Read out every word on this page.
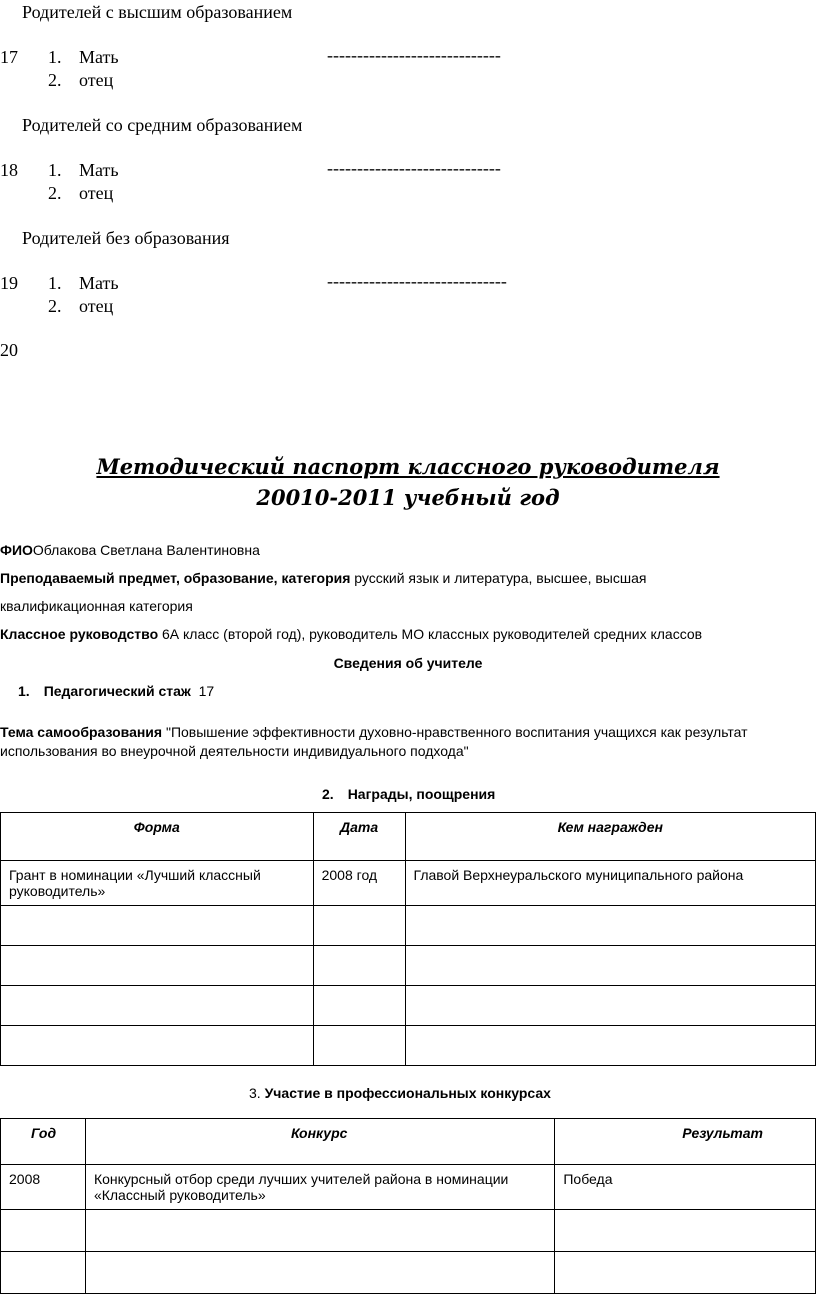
Родителей с высшим образованием
17 1. Мать	-----------------------------
2. отец
Родителей со средним образованием
18 1. Мать	-----------------------------
2. отец
Родителей без образования
19 1. Мать	------------------------------
2. отец
20
Методический паспорт классного руководителя
20010-2011 учебный год
ФИООблакова Светлана Валентиновна
Преподаваемый предмет, образование, категория русский язык и литература, высшее, высшая
квалификационная категория
Классное руководство 6А класс (второй год), руководитель МО классных руководителей средних классов
Сведения об учителе
1. Педагогический стаж 17
Тема самообразования "Повышение эффективности духовно-нравственного воспитания учащихся как результат
использования во внеурочной деятельности индивидуального подхода"
2. Награды, поощрения
Форма	Дата	Кем награжден
Грант в номинации «Лучший классный руководитель»	2008 год	Главой Верхнеуральского муниципального района

3. Участие в профессиональных конкурсах
Год	Конкурс	Результат
2008	Конкурсный отбор среди лучших учителей района в номинации «Классный руководитель»	Победа
